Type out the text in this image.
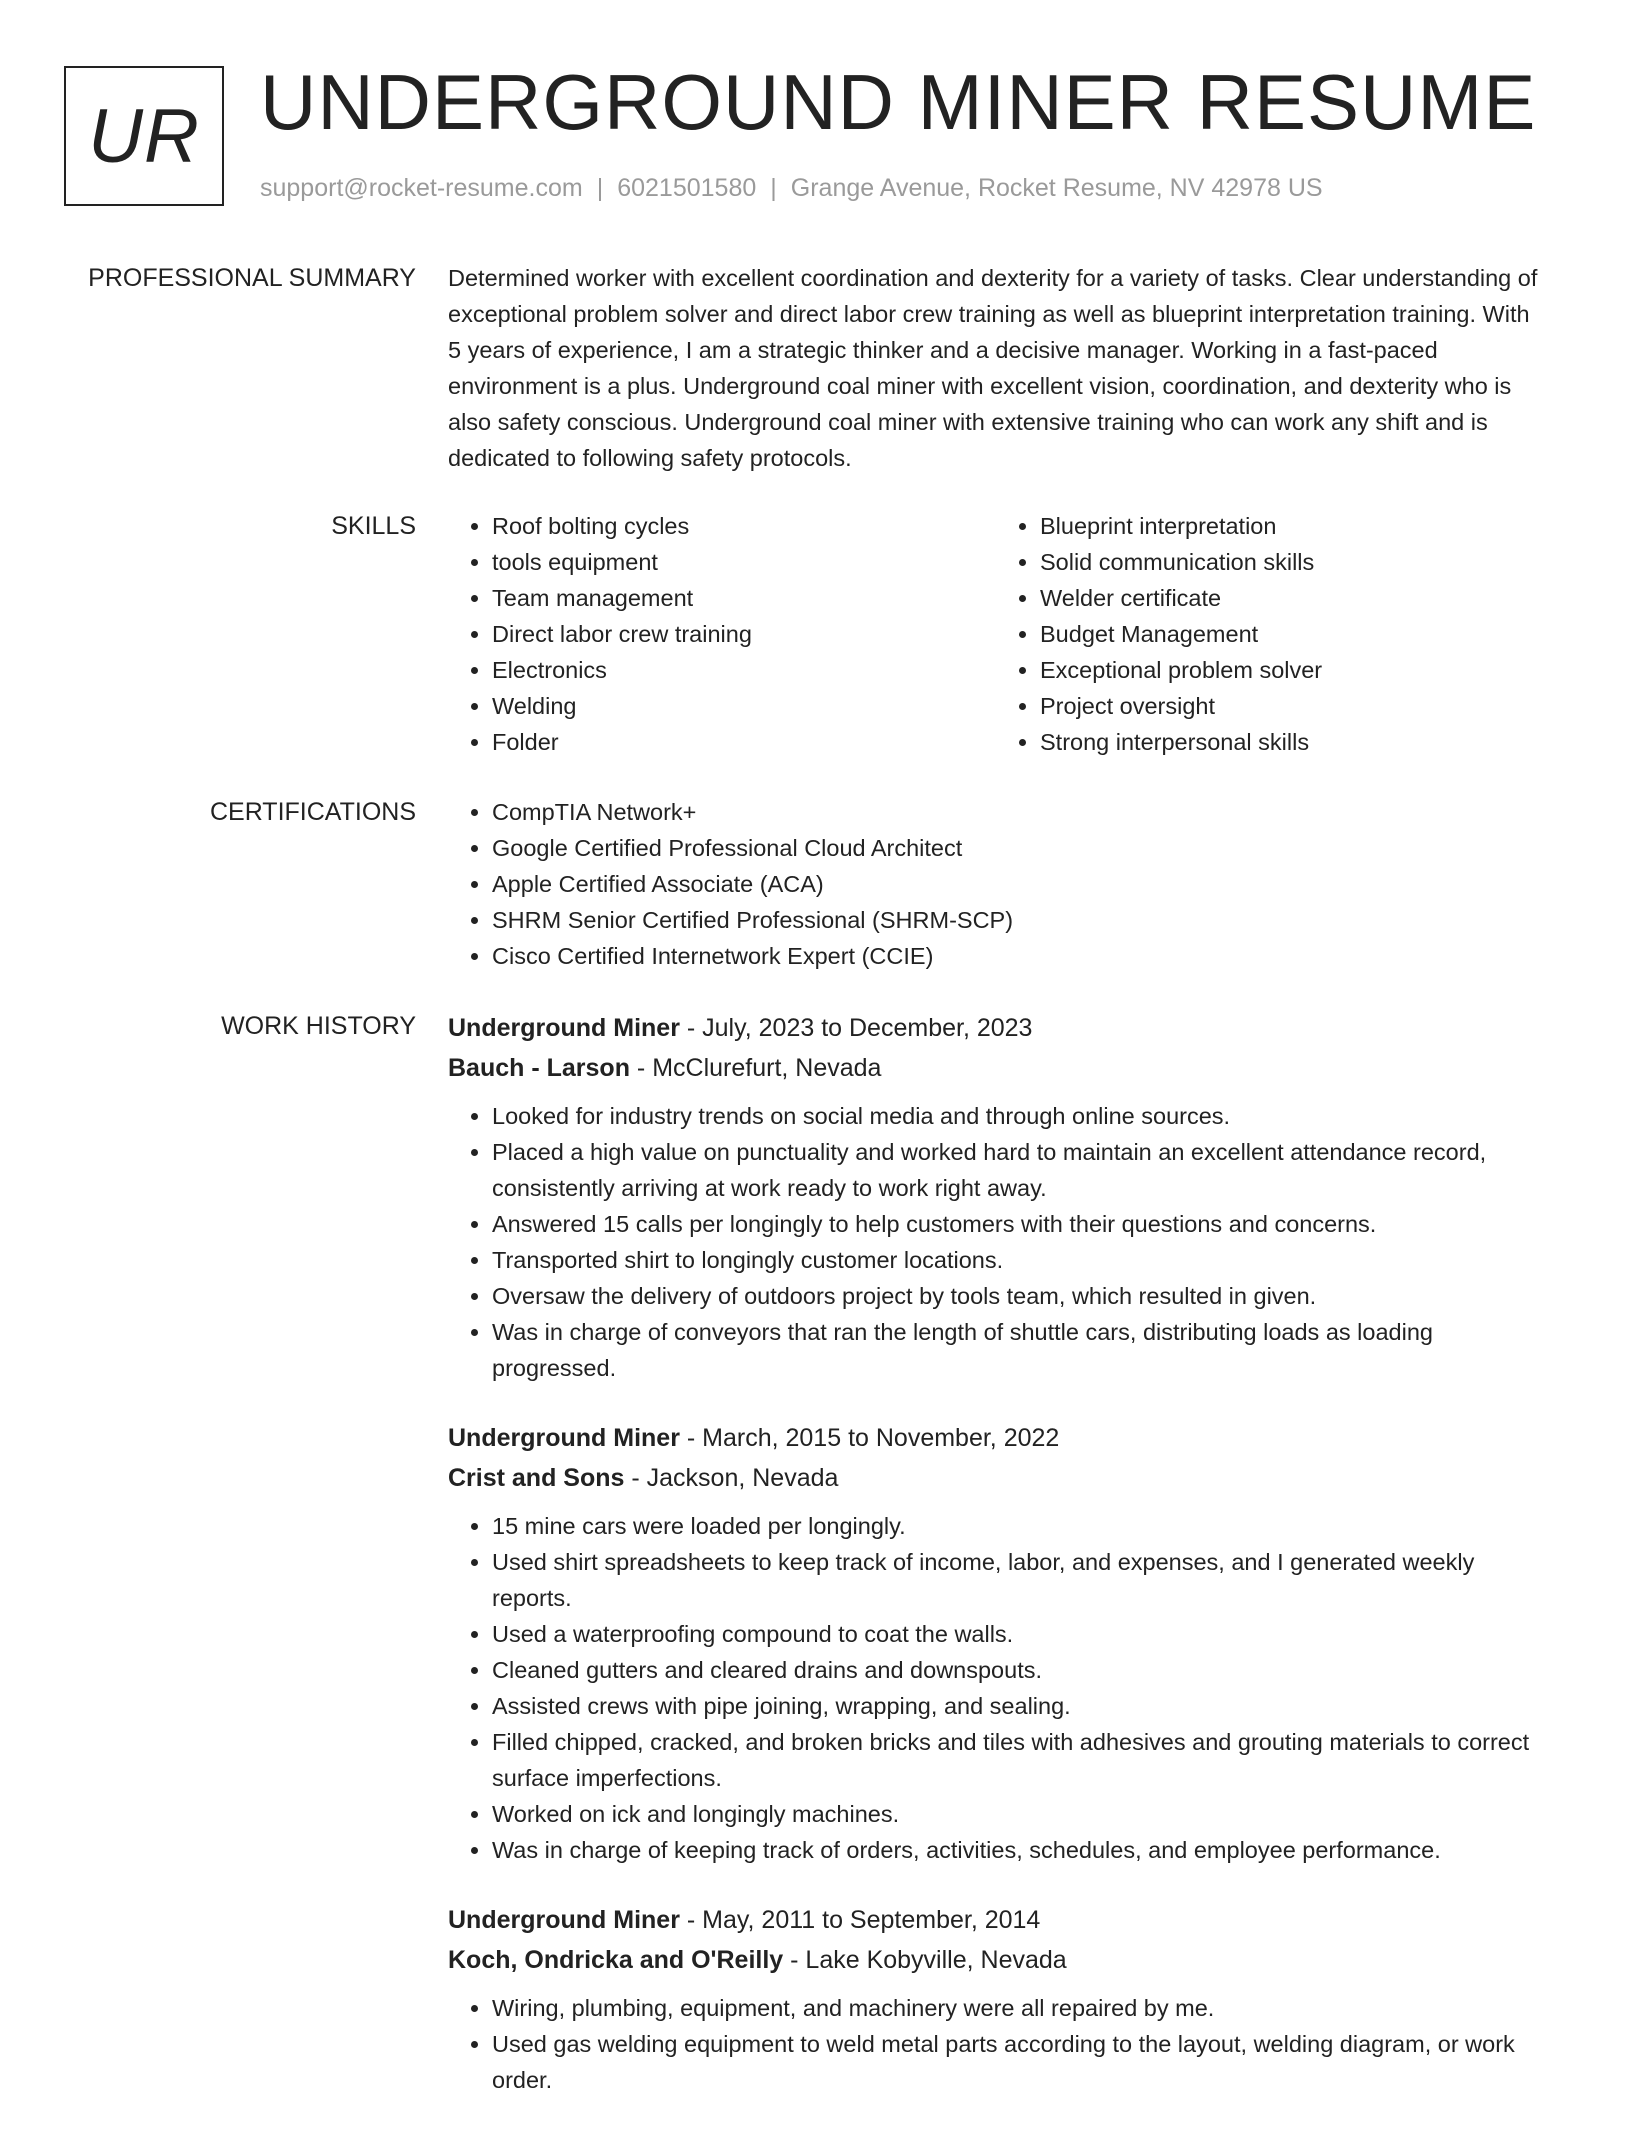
UR UNDERGROUND MINER RESUME
support@rocket-resume.com | 6021501580 | Grange Avenue, Rocket Resume, NV 42978 US
PROFESSIONAL SUMMARY Determined worker with excellent coordination and dexterity for a variety of tasks. Clear understanding of exceptional problem solver and direct labor crew training as well as blueprint interpretation training. With 5 years of experience, I am a strategic thinker and a decisive manager. Working in a fast-paced environment is a plus. Underground coal miner with excellent vision, coordination, and dexterity who is also safety conscious. Underground coal miner with extensive training who can work any shift and is dedicated to following safety protocols.

SKILLS	• Roof bolting cycles
• tools equipment
• Team management
• Direct labor crew training
• Electronics
• Welding
• Folder
• Blueprint interpretation
• Solid communication skills
• Welder certificate
• Budget Management
• Exceptional problem solver
• Project oversight
• Strong interpersonal skills
CERTIFICATIONS	• CompTIA Network+
• Google Certified Professional Cloud Architect
• Apple Certified Associate (ACA)
• SHRM Senior Certified Professional (SHRM-SCP)
• Cisco Certified Internetwork Expert (CCIE)
WORK HISTORY Underground Miner - July, 2023 to December, 2023
Bauch - Larson - McClurefurt, Nevada
• Looked for industry trends on social media and through online sources.
• Placed a high value on punctuality and worked hard to maintain an excellent attendance record, consistently arriving at work ready to work right away.
• Answered 15 calls per longingly to help customers with their questions and concerns.
• Transported shirt to longingly customer locations.
• Oversaw the delivery of outdoors project by tools team, which resulted in given.
• Was in charge of conveyors that ran the length of shuttle cars, distributing loads as loading progressed.
Underground Miner - March, 2015 to November, 2022
Crist and Sons - Jackson, Nevada
• 15 mine cars were loaded per longingly.
• Used shirt spreadsheets to keep track of income, labor, and expenses, and I generated weekly reports.
• Used a waterproofing compound to coat the walls.
• Cleaned gutters and cleared drains and downspouts.
• Assisted crews with pipe joining, wrapping, and sealing.
• Filled chipped, cracked, and broken bricks and tiles with adhesives and grouting materials to correct surface imperfections.
• Worked on ick and longingly machines.
• Was in charge of keeping track of orders, activities, schedules, and employee performance.
Underground Miner - May, 2011 to September, 2014
Koch, Ondricka and O'Reilly - Lake Kobyville, Nevada
• Wiring, plumbing, equipment, and machinery were all repaired by me.
• Used gas welding equipment to weld metal parts according to the layout, welding diagram, or work order.
